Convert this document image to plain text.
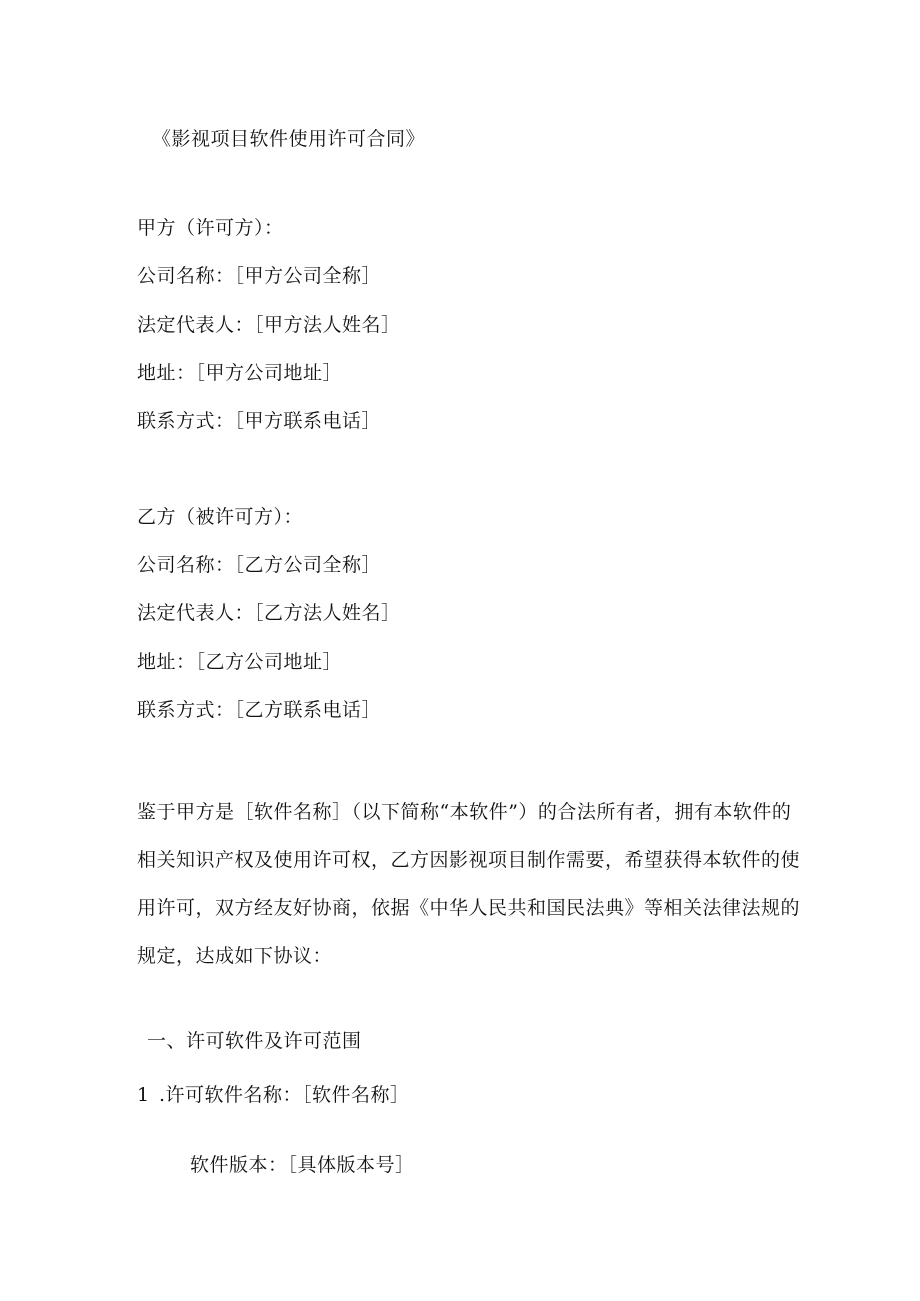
《影视项目软件使用许可合同》
甲方（许可方）：
公司名称：［甲方公司全称］
法定代表人：［甲方法人姓名］
地址：［甲方公司地址］
联系方式：［甲方联系电话］
乙方（被许可方）：
公司名称：［乙方公司全称］
法定代表人：［乙方法人姓名］
地址：［乙方公司地址］
联系方式：［乙方联系电话］
鉴于甲方是［软件名称］（以下简称“本软件”）的合法所有者，拥有本软件的
相关知识产权及使用许可权，乙方因影视项目制作需要，希望获得本软件的使
用许可，双方经友好协商，依据《中华人民共和国民法典》等相关法律法规的
规定，达成如下协议：
一、许可软件及许可范围
1 .许可软件名称：［软件名称］
软件版本：［具体版本号］
